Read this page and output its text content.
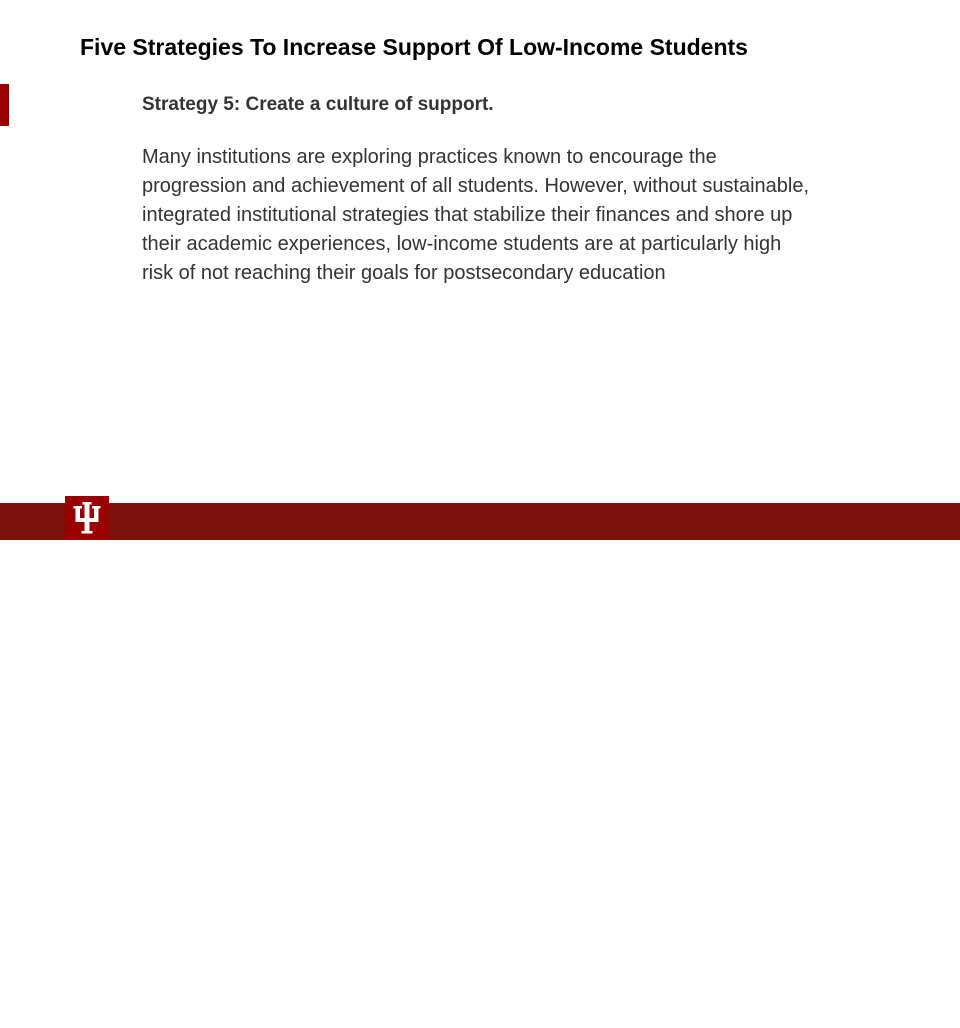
Five Strategies To Increase Support Of Low-Income Students
Strategy 5: Create a culture of support.
Many institutions are exploring practices known to encourage the progression and achievement of all students. However, without sustainable, integrated institutional strategies that stabilize their finances and shore up their academic experiences, low-income students are at particularly high risk of not reaching their goals for postsecondary education
INDIANA UNIVERSITY–PURDUE UNIVERSITY INDIANAPOLIS
